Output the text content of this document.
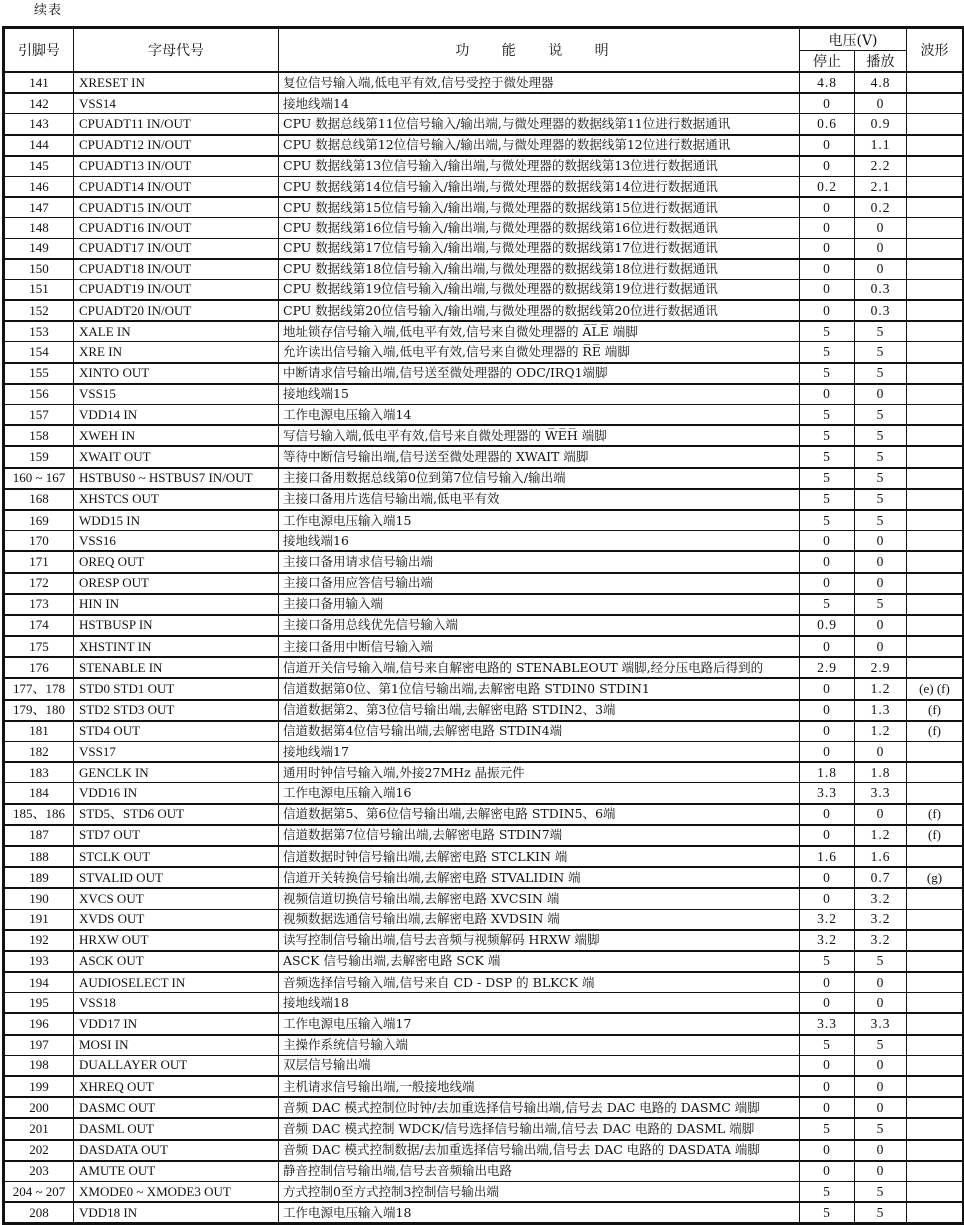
续表
引脚号	字母代号	功 能 说 明	电压(V)		波形
			停止	播放	
141	XRESET IN	复位信号输入端,低电平有效,信号受控于微处理器	4.8	4.8	
142	VSS14	接地线端14	0	0	
143	CPUADT11 IN/OUT	CPU 数据总线第11位信号输入/输出端,与微处理器的数据线第11位进行数据通讯	0.6	0.9	
144	CPUADT12 IN/OUT	CPU 数据总线第12位信号输入/输出端,与微处理器的数据线第12位进行数据通讯	0	1.1	
145	CPUADT13 IN/OUT	CPU 数据线第13位信号输入/输出端,与微处理器的数据线第13位进行数据通讯	0	2.2	
146	CPUADT14 IN/OUT	CPU 数据线第14位信号输入/输出端,与微处理器的数据线第14位进行数据通讯	0.2	2.1	
147	CPUADT15 IN/OUT	CPU 数据线第15位信号输入/输出端,与微处理器的数据线第15位进行数据通讯	0	0.2	
148	CPUADT16 IN/OUT	CPU 数据线第16位信号输入/输出端,与微处理器的数据线第16位进行数据通讯	0	0	
149	CPUADT17 IN/OUT	CPU 数据线第17位信号输入/输出端,与微处理器的数据线第17位进行数据通讯	0	0	
150	CPUADT18 IN/OUT	CPU 数据线第18位信号输入/输出端,与微处理器的数据线第18位进行数据通讯	0	0	
151	CPUADT19 IN/OUT	CPU 数据线第19位信号输入/输出端,与微处理器的数据线第19位进行数据通讯	0	0.3	
152	CPUADT20 IN/OUT	CPU 数据线第20位信号输入/输出端,与微处理器的数据线第20位进行数据通讯	0	0.3	
153	XALE IN	地址锁存信号输入端,低电平有效,信号来自微处理器的 A̅L̅E̅ 端脚	5	5	
154	XRE IN	允许读出信号输入端,低电平有效,信号来自微处理器的 R̅E̅ 端脚	5	5	
155	XINTO OUT	中断请求信号输出端,信号送至微处理器的 ODC/IRQ1端脚	5	5	
156	VSS15	接地线端15	0	0	
157	VDD14 IN	工作电源电压输入端14	5	5	
158	XWEH IN	写信号输入端,低电平有效,信号来自微处理器的 W̅E̅H̅ 端脚	5	5	
159	XWAIT OUT	等待中断信号输出端,信号送至微处理器的 XWAIT 端脚	5	5	
160 ~ 167	HSTBUS0 ~ HSTBUS7 IN/OUT	主接口备用数据总线第0位到第7位信号输入/输出端	5	5	
168	XHSTCS OUT	主接口备用片选信号输出端,低电平有效	5	5	
169	WDD15 IN	工作电源电压输入端15	5	5	
170	VSS16	接地线端16	0	0	
171	OREQ OUT	主接口备用请求信号输出端	0	0	
172	ORESP OUT	主接口备用应答信号输出端	0	0	
173	HIN IN	主接口备用输入端	5	5	
174	HSTBUSP IN	主接口备用总线优先信号输入端	0.9	0	
175	XHSTINT IN	主接口备用中断信号输入端	0	0	
176	STENABLE IN	信道开关信号输入端,信号来自解密电路的 STENABLEOUT 端脚,经分压电路后得到的	2.9	2.9	
177、178	STD0 STD1 OUT	信道数据第0位、第1位信号输出端,去解密电路 STDIN0 STDIN1	0	1.2	(e) (f)
179、180	STD2 STD3 OUT	信道数据第2、第3位信号输出端,去解密电路 STDIN2、3端	0	1.3	(f)
181	STD4 OUT	信道数据第4位信号输出端,去解密电路 STDIN4端	0	1.2	(f)
182	VSS17	接地线端17	0	0	
183	GENCLK IN	通用时钟信号输入端,外接27MHz 晶振元件	1.8	1.8	
184	VDD16 IN	工作电源电压输入端16	3.3	3.3	
185、186	STD5、STD6 OUT	信道数据第5、第6位信号输出端,去解密电路 STDIN5、6端	0	0	(f)
187	STD7 OUT	信道数据第7位信号输出端,去解密电路 STDIN7端	0	1.2	(f)
188	STCLK OUT	信道数据时钟信号输出端,去解密电路 STCLKIN 端	1.6	1.6	
189	STVALID OUT	信道开关转换信号输出端,去解密电路 STVALIDIN 端	0	0.7	(g)
190	XVCS OUT	视频信道切换信号输出端,去解密电路 XVCSIN 端	0	3.2	
191	XVDS OUT	视频数据选通信号输出端,去解密电路 XVDSIN 端	3.2	3.2	
192	HRXW OUT	读写控制信号输出端,信号去音频与视频解码 HRXW 端脚	3.2	3.2	
193	ASCK OUT	ASCK 信号输出端,去解密电路 SCK 端	5	5	
194	AUDIOSELECT IN	音频选择信号输入端,信号来自 CD - DSP 的 BLKCK 端	0	0	
195	VSS18	接地线端18	0	0	
196	VDD17 IN	工作电源电压输入端17	3.3	3.3	
197	MOSI IN	主操作系统信号输入端	5	5	
198	DUALLAYER OUT	双层信号输出端	0	0	
199	XHREQ OUT	主机请求信号输出端,一般接地线端	0	0	
200	DASMC OUT	音频 DAC 模式控制位时钟/去加重选择信号输出端,信号去 DAC 电路的 DASMC 端脚	0	0	
201	DASML OUT	音频 DAC 模式控制 WDCK/信号选择信号输出端,信号去 DAC 电路的 DASML 端脚	5	5	
202	DASDATA OUT	音频 DAC 模式控制数据/去加重选择信号输出端,信号去 DAC 电路的 DASDATA 端脚	0	0	
203	AMUTE OUT	静音控制信号输出端,信号去音频输出电路	0	0	
204 ~ 207	XMODE0 ~ XMODE3 OUT	方式控制0至方式控制3控制信号输出端	5	5	
208	VDD18 IN	工作电源电压输入端18	5	5	
